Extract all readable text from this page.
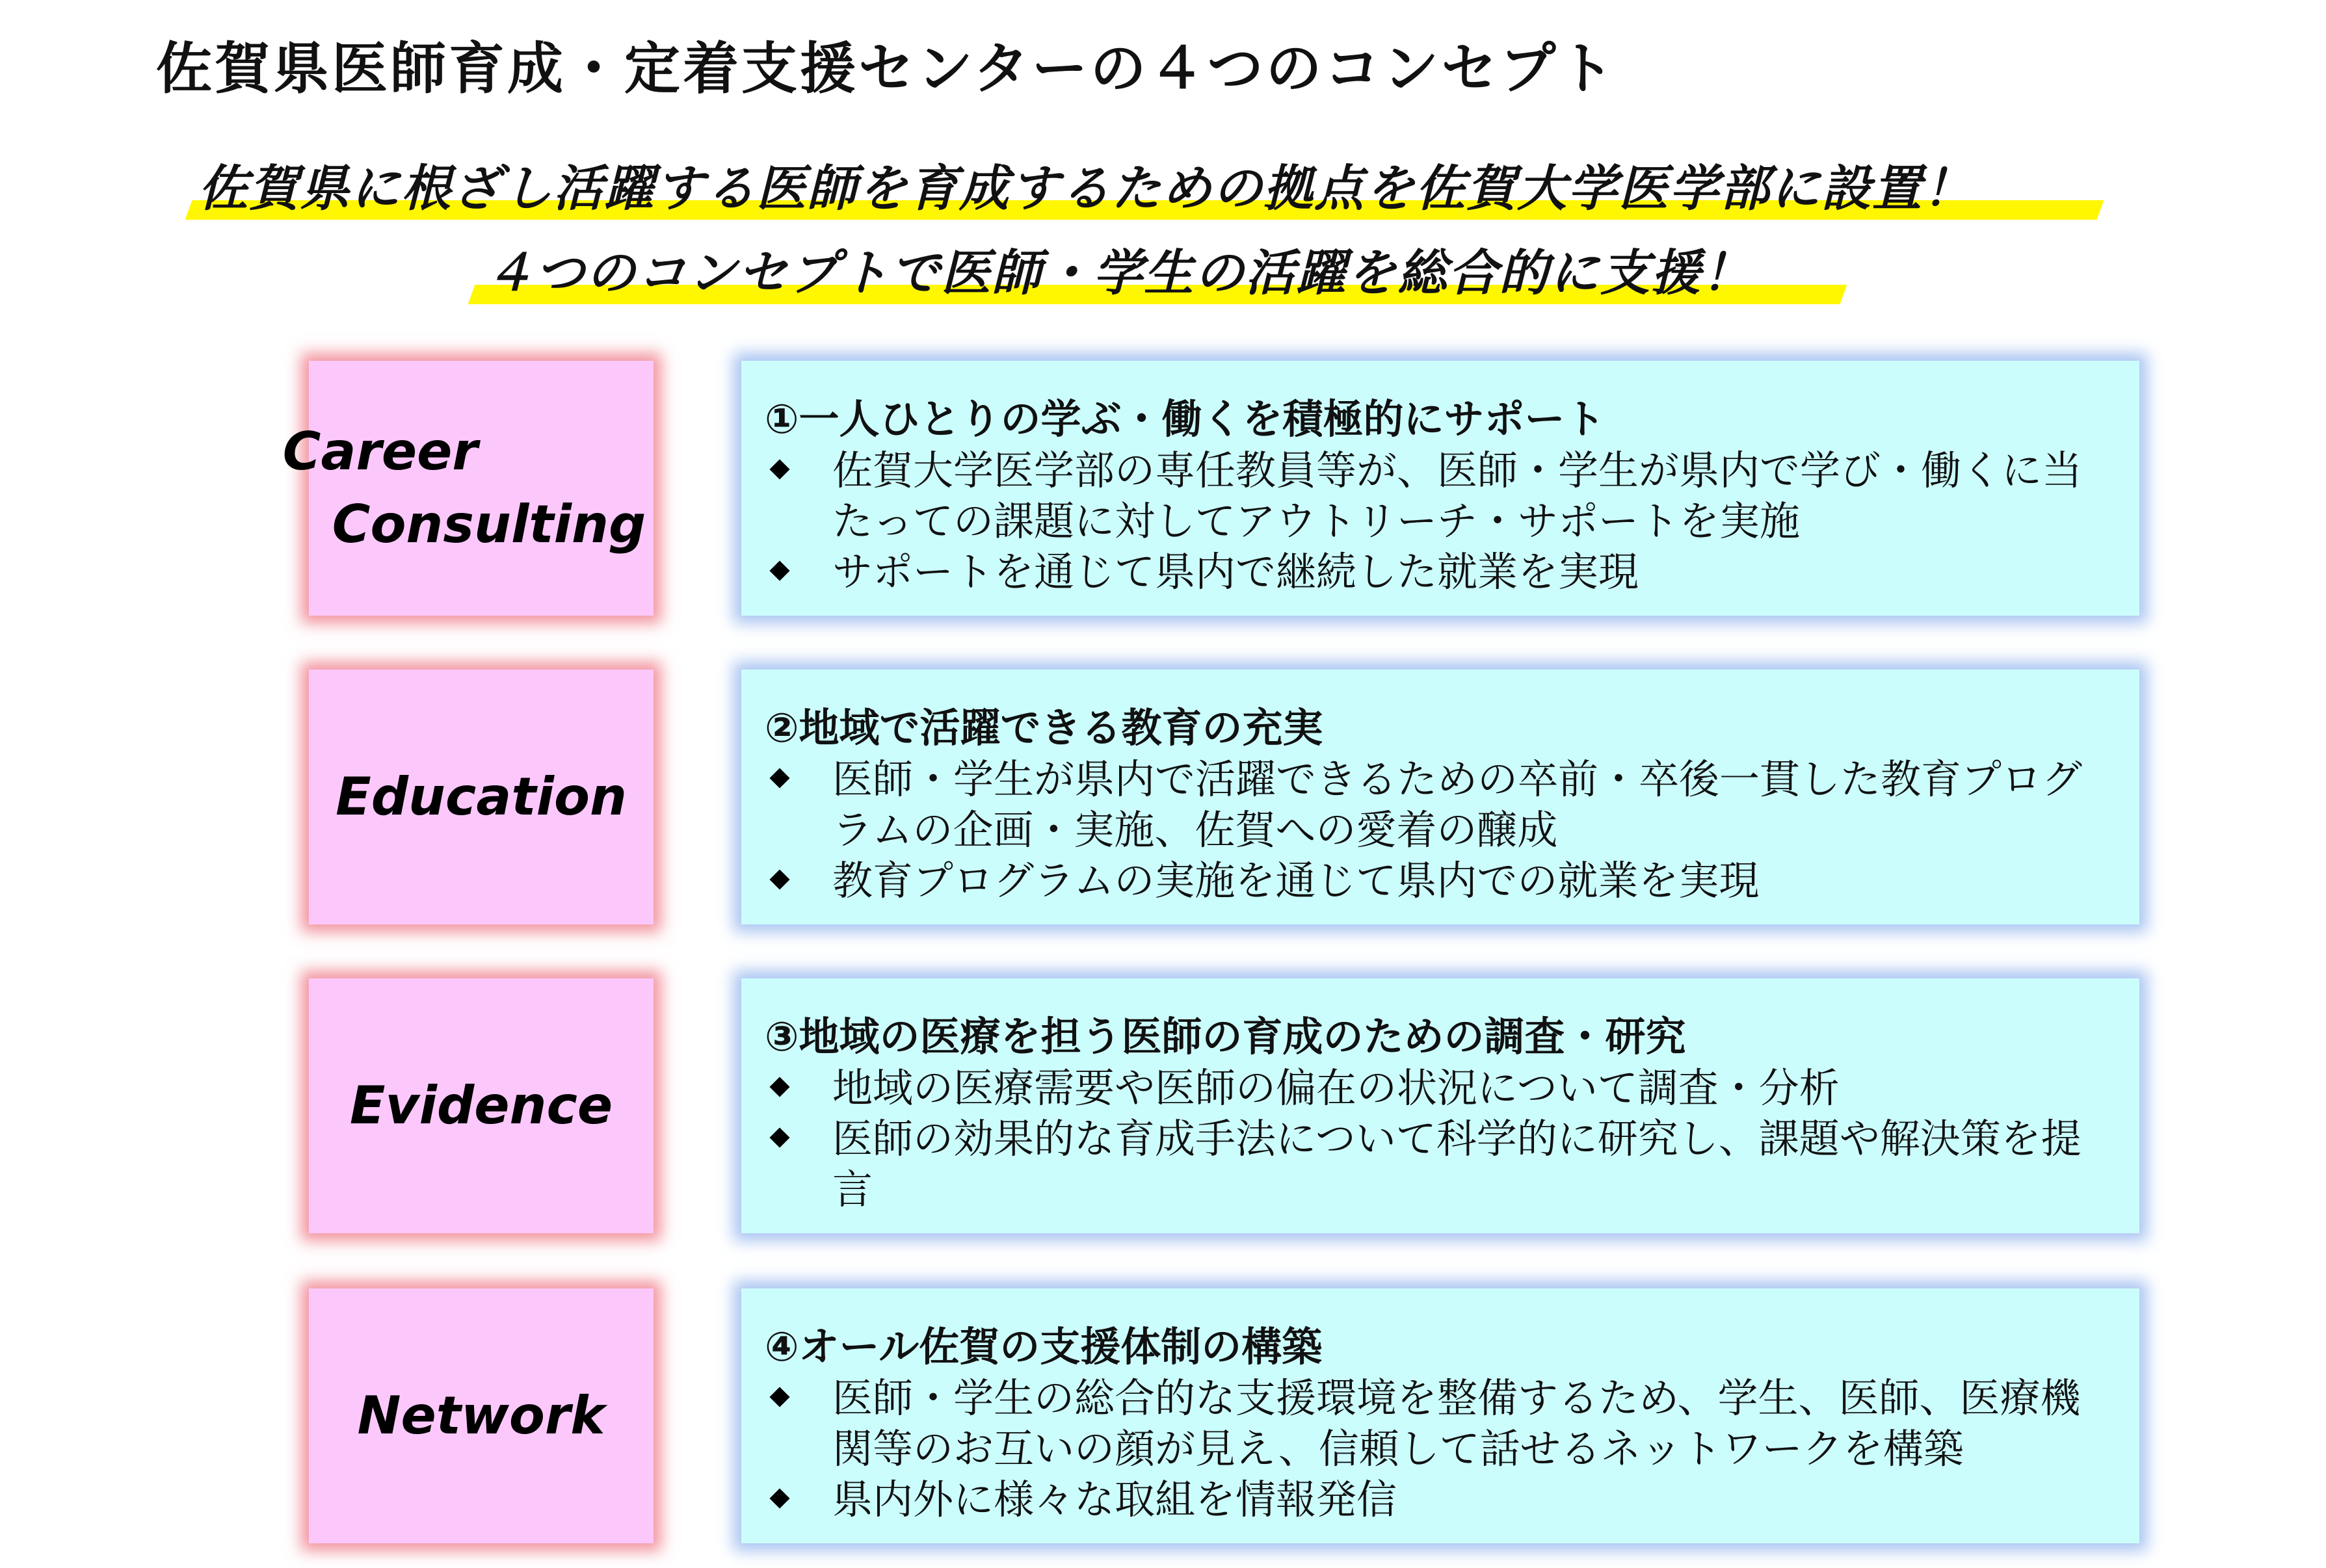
佐賀県医師育成・定着支援センターの４つのコンセプト
佐賀県に根ざし活躍する医師を育成するための拠点を佐賀大学医学部に設置！
４つのコンセプトで医師・学生の活躍を総合的に支援！
Career
Consulting
①一人ひとりの学ぶ・働くを積極的にサポート
佐賀大学医学部の専任教員等が、医師・学生が県内で学び・働くに当たっての課題に対してアウトリーチ・サポートを実施
サポートを通じて県内で継続した就業を実現
Education
②地域で活躍できる教育の充実
医師・学生が県内で活躍できるための卒前・卒後一貫した教育プログラムの企画・実施、佐賀への愛着の醸成
教育プログラムの実施を通じて県内での就業を実現
Evidence
③地域の医療を担う医師の育成のための調査・研究
地域の医療需要や医師の偏在の状況について調査・分析
医師の効果的な育成手法について科学的に研究し、課題や解決策を提言
Network
④オール佐賀の支援体制の構築
医師・学生の総合的な支援環境を整備するため、学生、医師、医療機関等のお互いの顔が見え、信頼して話せるネットワークを構築
県内外に様々な取組を情報発信
